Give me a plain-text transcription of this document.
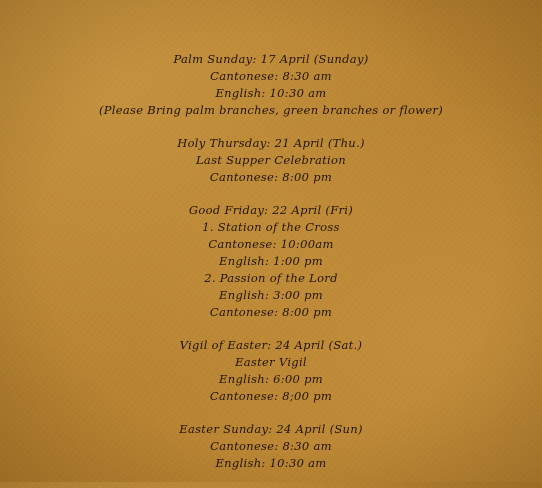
Palm Sunday: 17 April (Sunday)
Cantonese: 8:30 am
English: 10:30 am
(Please Bring palm branches, green branches or flower)
Holy Thursday: 21 April (Thu.)
Last Supper Celebration
Cantonese: 8:00 pm
Good Friday: 22 April (Fri)
1. Station of the Cross
Cantonese: 10:00am
English: 1:00 pm
2. Passion of the Lord
English: 3:00 pm
Cantonese: 8:00 pm
Vigil of Easter: 24 April (Sat.)
Easter Vigil
English: 6:00 pm
Cantonese: 8;00 pm
Easter Sunday: 24 April (Sun)
Cantonese: 8:30 am
English: 10:30 am
